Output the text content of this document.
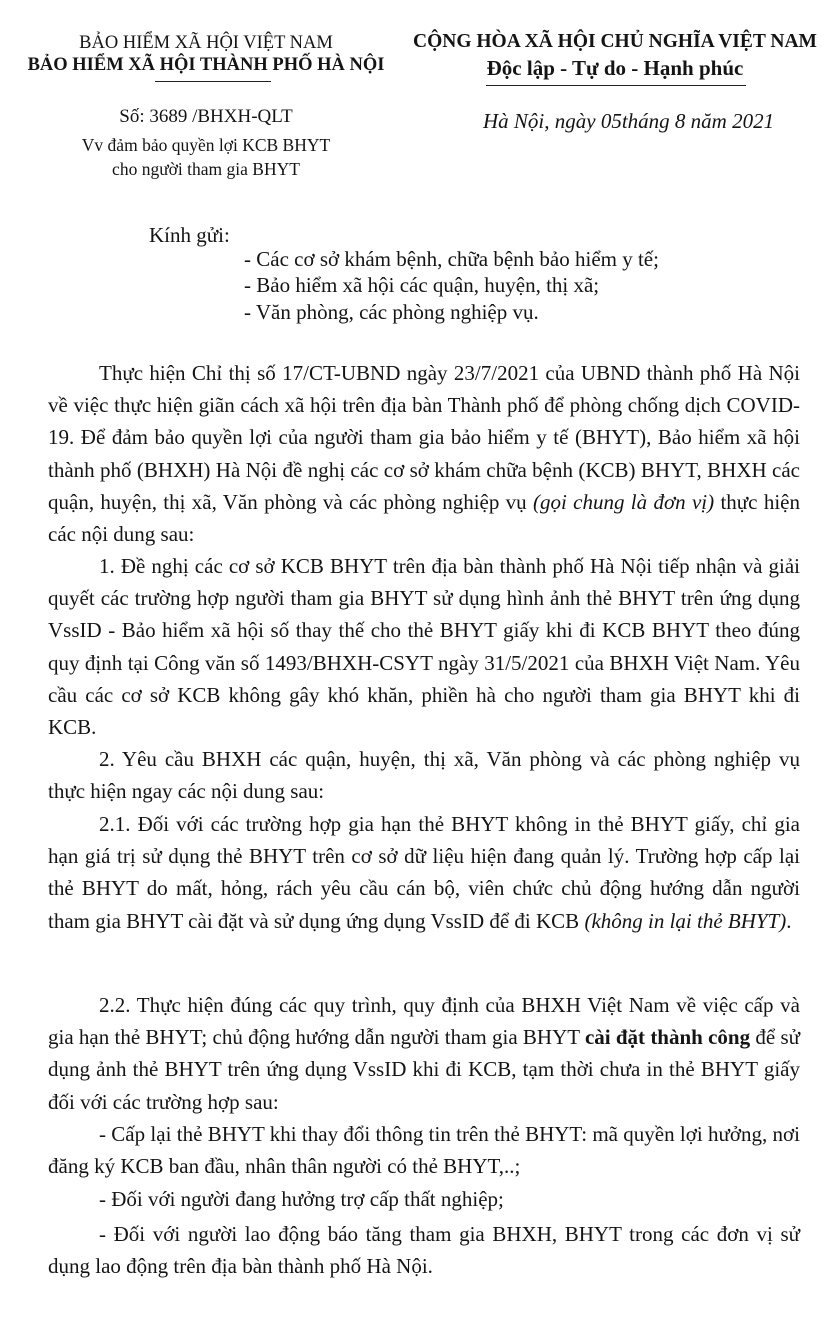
BẢO HIỂM XÃ HỘI VIỆT NAM
BẢO HIỂM XÃ HỘI THÀNH PHỐ HÀ NỘI
Số: 3689 /BHXH-QLT
Vv đảm bảo quyền lợi KCB BHYT
cho người tham gia BHYT
CỘNG HÒA XÃ HỘI CHỦ NGHĨA VIỆT NAM
Độc lập - Tự do - Hạnh phúc
Hà Nội, ngày 05tháng 8 năm 2021
Kính gửi:
- Các cơ sở khám bệnh, chữa bệnh bảo hiểm y tế;
- Bảo hiểm xã hội các quận, huyện, thị xã;
- Văn phòng, các phòng nghiệp vụ.
Thực hiện Chỉ thị số 17/CT-UBND ngày 23/7/2021 của UBND thành phố Hà Nội về việc thực hiện giãn cách xã hội trên địa bàn Thành phố để phòng chống dịch COVID-19. Để đảm bảo quyền lợi của người tham gia bảo hiểm y tế (BHYT), Bảo hiểm xã hội thành phố (BHXH) Hà Nội đề nghị các cơ sở khám chữa bệnh (KCB) BHYT, BHXH các quận, huyện, thị xã, Văn phòng và các phòng nghiệp vụ (gọi chung là đơn vị) thực hiện các nội dung sau:
1. Đề nghị các cơ sở KCB BHYT trên địa bàn thành phố Hà Nội tiếp nhận và giải quyết các trường hợp người tham gia BHYT sử dụng hình ảnh thẻ BHYT trên ứng dụng VssID - Bảo hiểm xã hội số thay thế cho thẻ BHYT giấy khi đi KCB BHYT theo đúng quy định tại Công văn số 1493/BHXH-CSYT ngày 31/5/2021 của BHXH Việt Nam. Yêu cầu các cơ sở KCB không gây khó khăn, phiền hà cho người tham gia BHYT khi đi KCB.
2. Yêu cầu BHXH các quận, huyện, thị xã, Văn phòng và các phòng nghiệp vụ thực hiện ngay các nội dung sau:
2.1. Đối với các trường hợp gia hạn thẻ BHYT không in thẻ BHYT giấy, chỉ gia hạn giá trị sử dụng thẻ BHYT trên cơ sở dữ liệu hiện đang quản lý. Trường hợp cấp lại thẻ BHYT do mất, hỏng, rách yêu cầu cán bộ, viên chức chủ động hướng dẫn người tham gia BHYT cài đặt và sử dụng ứng dụng VssID để đi KCB (không in lại thẻ BHYT).
2.2. Thực hiện đúng các quy trình, quy định của BHXH Việt Nam về việc cấp và gia hạn thẻ BHYT; chủ động hướng dẫn người tham gia BHYT cài đặt thành công để sử dụng ảnh thẻ BHYT trên ứng dụng VssID khi đi KCB, tạm thời chưa in thẻ BHYT giấy đối với các trường hợp sau:
- Cấp lại thẻ BHYT khi thay đổi thông tin trên thẻ BHYT: mã quyền lợi hưởng, nơi đăng ký KCB ban đầu, nhân thân người có thẻ BHYT,..;
- Đối với người đang hưởng trợ cấp thất nghiệp;
- Đối với người lao động báo tăng tham gia BHXH, BHYT trong các đơn vị sử dụng lao động trên địa bàn thành phố Hà Nội.
